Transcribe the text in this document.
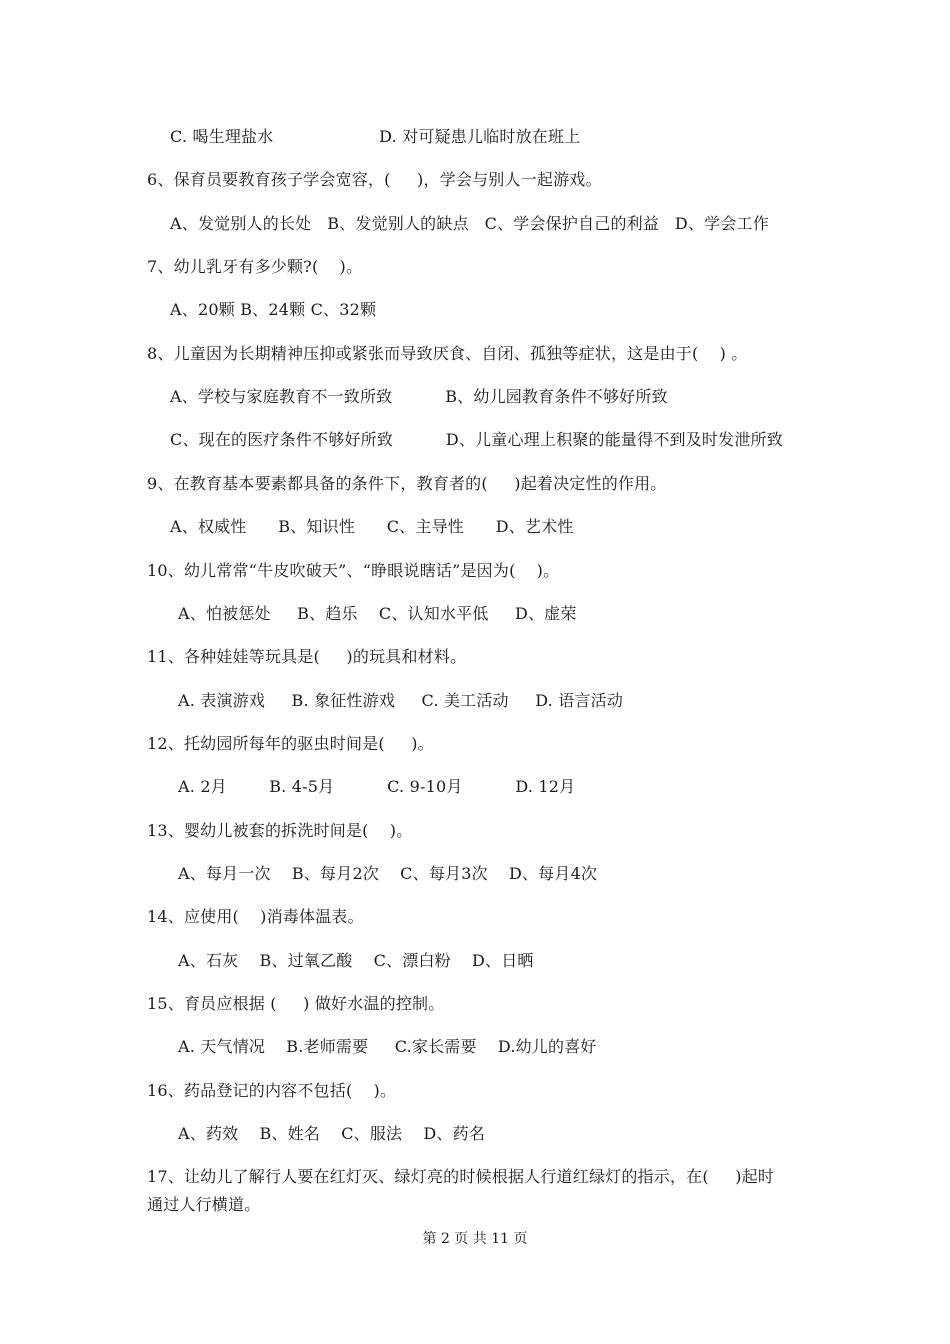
C. 喝生理盐水                    D. 对可疑患儿临时放在班上
6、保育员要教育孩子学会宽容，(     )，学会与别人一起游戏。
A、发觉别人的长处   B、发觉别人的缺点   C、学会保护自己的利益   D、学会工作
7、幼儿乳牙有多少颗?(    )。
A、20颗 B、24颗 C、32颗
8、儿童因为长期精神压抑或紧张而导致厌食、自闭、孤独等症状，这是由于(    ) 。
A、学校与家庭教育不一致所致          B、幼儿园教育条件不够好所致
C、现在的医疗条件不够好所致          D、儿童心理上积聚的能量得不到及时发泄所致
9、在教育基本要素都具备的条件下，教育者的(     )起着决定性的作用。
A、权威性      B、知识性      C、主导性      D、艺术性
10、幼儿常常“牛皮吹破天”、“睁眼说瞎话”是因为(    )。
A、怕被惩处     B、趋乐    C、认知水平低     D、虚荣
11、各种娃娃等玩具是(     )的玩具和材料。
A. 表演游戏     B. 象征性游戏     C. 美工活动     D. 语言活动
12、托幼园所每年的驱虫时间是(     )。
A. 2月        B. 4-5月          C. 9-10月          D. 12月
13、婴幼儿被套的拆洗时间是(    )。
A、每月一次    B、每月2次    C、每月3次    D、每月4次
14、应使用(    )消毒体温表。
A、石灰    B、过氧乙酸    C、漂白粉    D、日晒
15、育员应根据 (     ) 做好水温的控制。
A. 天气情况    B.老师需要     C.家长需要    D.幼儿的喜好
16、药品登记的内容不包括(    )。
A、药效    B、姓名    C、服法    D、药名
17、让幼儿了解行人要在红灯灭、绿灯亮的时候根据人行道红绿灯的指示，在(     )起时
通过人行横道。
第 2 页 共 11 页
